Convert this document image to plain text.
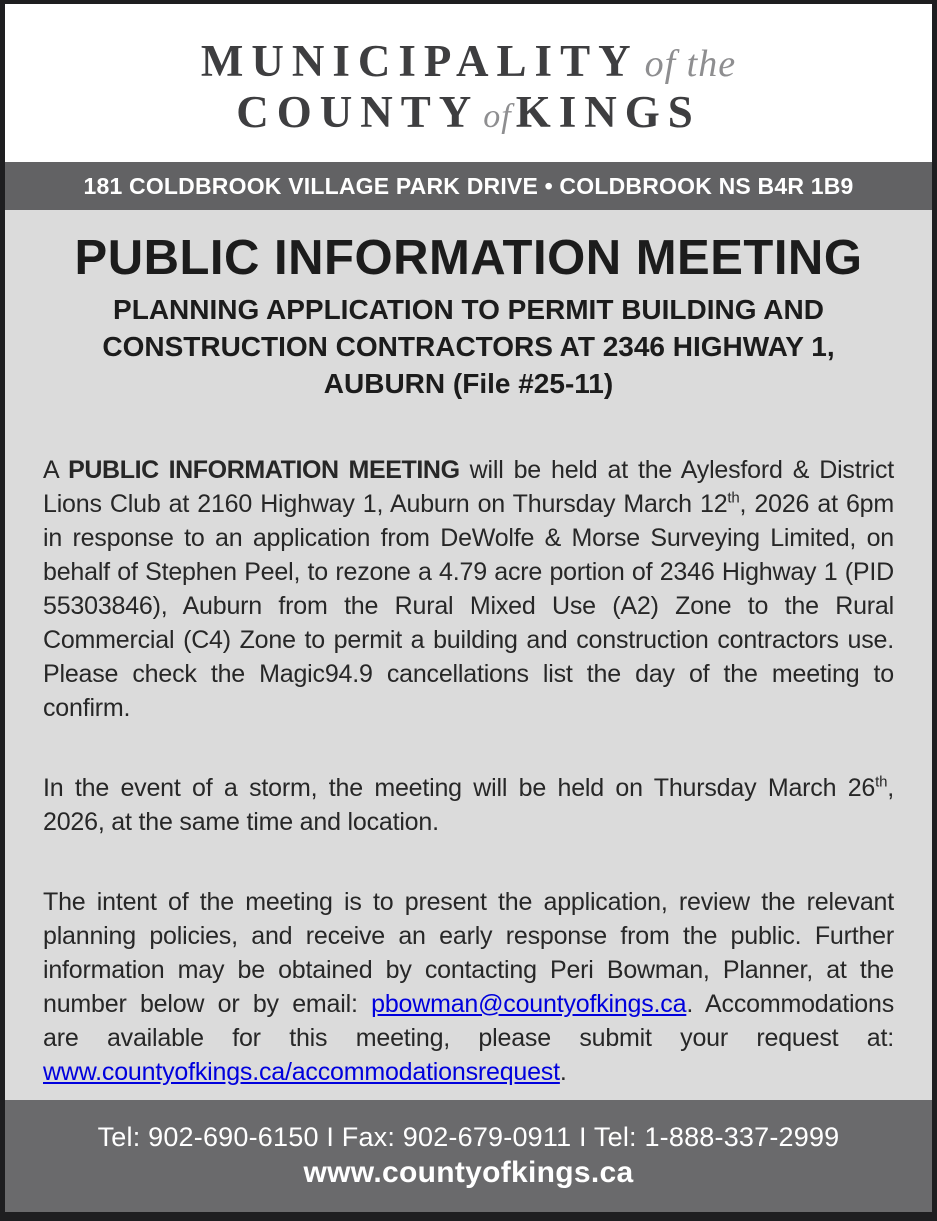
MUNICIPALITY of the
COUNTY ofKINGS
181 COLDBROOK VILLAGE PARK DRIVE • COLDBROOK NS B4R 1B9
PUBLIC INFORMATION MEETING
PLANNING APPLICATION TO PERMIT BUILDING AND
CONSTRUCTION CONTRACTORS AT 2346 HIGHWAY 1,
AUBURN (File #25-11)

A PUBLIC INFORMATION MEETING will be held at the Aylesford & District Lions Club at 2160 Highway 1, Auburn on Thursday March 12th, 2026 at 6pm in response to an application from DeWolfe & Morse Surveying Limited, on behalf of Stephen Peel, to rezone a 4.79 acre portion of 2346 Highway 1 (PID 55303846), Auburn from the Rural Mixed Use (A2) Zone to the Rural Commercial (C4) Zone to permit a building and construction contractors use. Please check the Magic94.9 cancellations list the day of the meeting to confirm.

In the event of a storm, the meeting will be held on Thursday March 26th, 2026, at the same time and location.

The intent of the meeting is to present the application, review the relevant planning policies, and receive an early response from the public. Further information may be obtained by contacting Peri Bowman, Planner, at the number below or by email: pbowman@countyofkings.ca. Accommodations are available for this meeting, please submit your request at: www.countyofkings.ca/accommodationsrequest.

Tel: 902-690-6150 I Fax: 902-679-0911 I Tel: 1-888-337-2999
www.countyofkings.ca
